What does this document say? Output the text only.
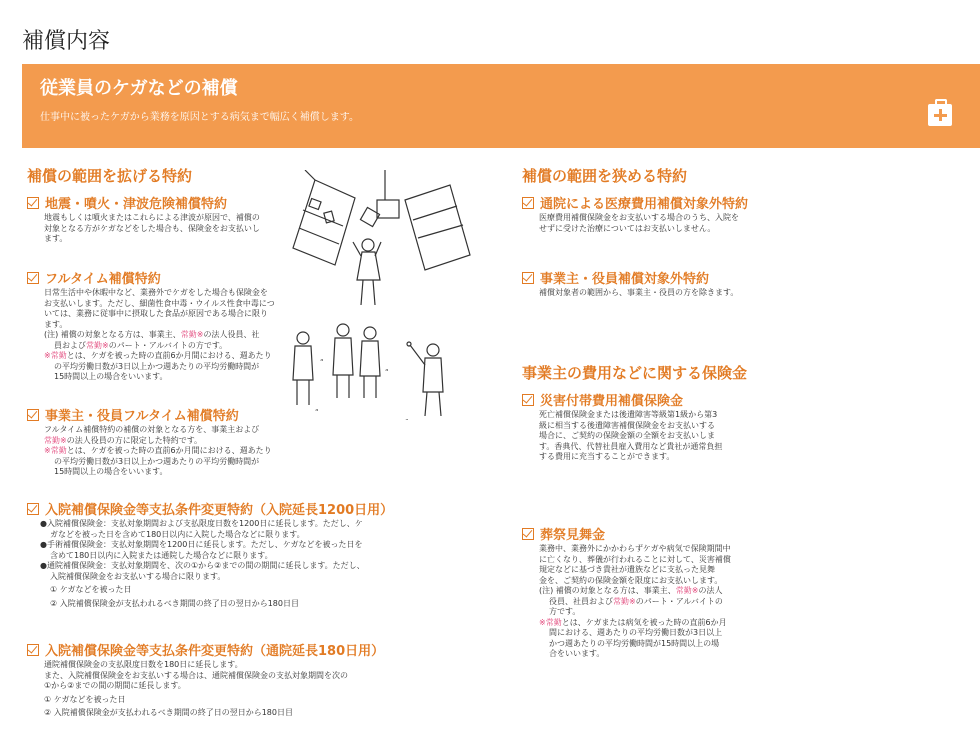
補償内容
従業員のケガなどの補償
仕事中に被ったケガから業務を原因とする病気まで幅広く補償します。
補償の範囲を拡げる特約
地震・噴火・津波危険補償特約
地震もしくは噴火またはこれらによる津波が原因で、補償の
対象となる方がケガなどをした場合も、保険金をお支払いし
ます。
フルタイム補償特約
日常生活中や休暇中など、業務外でケガをした場合も保険金を
お支払いします。ただし、細菌性食中毒・ウイルス性食中毒につ
いては、業務に従事中に摂取した食品が原因である場合に限り
ます。
(注) 補償の対象となる方は、事業主、常勤※の法人役員、社
員および常勤※のパート・アルバイトの方です。
※常勤とは、ケガを被った時の直前6か月間における、週あたり
の平均労働日数が3日以上かつ週あたりの平均労働時間が
15時間以上の場合をいいます。
事業主・役員フルタイム補償特約
フルタイム補償特約の補償の対象となる方を、事業主および
常勤※の法人役員の方に限定した特約です。
※常勤とは、ケガを被った時の直前6か月間における、週あたり
の平均労働日数が3日以上かつ週あたりの平均労働時間が
15時間以上の場合をいいます。
入院補償保険金等支払条件変更特約（入院延長1200日用）
●入院補償保険金：支払対象期間および支払限度日数を1200日に延長します。ただし、ケ
ガなどを被った日を含めて180日以内に入院した場合などに限ります。
●手術補償保険金：支払対象期間を1200日に延長します。ただし、ケガなどを被った日を
含めて180日以内に入院または通院した場合などに限ります。
●通院補償保険金：支払対象期間を、次の①から②までの間の期間に延長します。ただし、
入院補償保険金をお支払いする場合に限ります。
① ケガなどを被った日
② 入院補償保険金が支払われるべき期間の終了日の翌日から180日目
入院補償保険金等支払条件変更特約（通院延長180日用）
通院補償保険金の支払限度日数を180日に延長します。
また、入院補償保険金をお支払いする場合は、通院補償保険金の支払対象期間を次の
①から②までの間の期間に延長します。
① ケガなどを被った日
② 入院補償保険金が支払われるべき期間の終了日の翌日から180日目
„
„
„
„
補償の範囲を狭める特約
通院による医療費用補償対象外特約
医療費用補償保険金をお支払いする場合のうち、入院を
せずに受けた治療についてはお支払いしません。
事業主・役員補償対象外特約
補償対象者の範囲から、事業主・役員の方を除きます。
事業主の費用などに関する保険金
災害付帯費用補償保険金
死亡補償保険金または後遺障害等級第1級から第3
級に相当する後遺障害補償保険金をお支払いする
場合に、ご契約の保険金額の全額をお支払いしま
す。香典代、代替社員雇入費用など貴社が通常負担
する費用に充当することができます。
葬祭見舞金
業務中、業務外にかかわらずケガや病気で保険期間中
に亡くなり、葬儀が行われることに対して、災害補償
規定などに基づき貴社が遺族などに支払った見舞
金を、ご契約の保険金額を限度にお支払いします。
(注) 補償の対象となる方は、事業主、常勤※の法人
役員、社員および常勤※のパート・アルバイトの
方です。
※常勤とは、ケガまたは病気を被った時の直前6か月
間における、週あたりの平均労働日数が3日以上
かつ週あたりの平均労働時間が15時間以上の場
合をいいます。
